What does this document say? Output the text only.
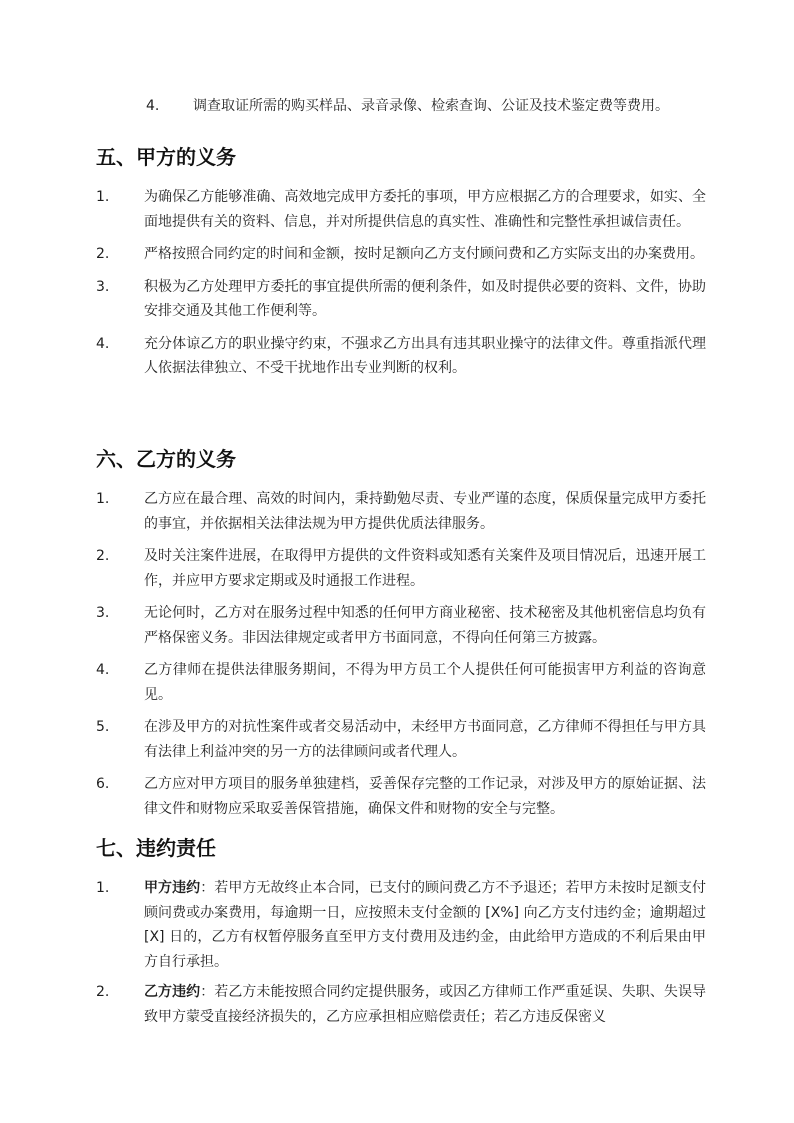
4.	调查取证所需的购买样品、录音录像、检索查询、公证及技术鉴定费等费用。
五、甲方的义务
1.	为确保乙方能够准确、高效地完成甲方委托的事项，甲方应根据乙方的合理要求，如实、全面地提供有关的资料、信息，并对所提供信息的真实性、准确性和完整性承担诚信责任。
2.	严格按照合同约定的时间和金额，按时足额向乙方支付顾问费和乙方实际支出的办案费用。
3.	积极为乙方处理甲方委托的事宜提供所需的便利条件，如及时提供必要的资料、文件，协助安排交通及其他工作便利等。
4.	充分体谅乙方的职业操守约束，不强求乙方出具有违其职业操守的法律文件。尊重指派代理人依据法律独立、不受干扰地作出专业判断的权利。
六、乙方的义务
1.	乙方应在最合理、高效的时间内，秉持勤勉尽责、专业严谨的态度，保质保量完成甲方委托的事宜，并依据相关法律法规为甲方提供优质法律服务。
2.	及时关注案件进展，在取得甲方提供的文件资料或知悉有关案件及项目情况后，迅速开展工作，并应甲方要求定期或及时通报工作进程。
3.	无论何时，乙方对在服务过程中知悉的任何甲方商业秘密、技术秘密及其他机密信息均负有严格保密义务。非因法律规定或者甲方书面同意，不得向任何第三方披露。
4.	乙方律师在提供法律服务期间，不得为甲方员工个人提供任何可能损害甲方利益的咨询意见。
5.	在涉及甲方的对抗性案件或者交易活动中，未经甲方书面同意，乙方律师不得担任与甲方具有法律上利益冲突的另一方的法律顾问或者代理人。
6.	乙方应对甲方项目的服务单独建档，妥善保存完整的工作记录，对涉及甲方的原始证据、法律文件和财物应采取妥善保管措施，确保文件和财物的安全与完整。
七、违约责任
1.	甲方违约：若甲方无故终止本合同，已支付的顾问费乙方不予退还；若甲方未按时足额支付顾问费或办案费用，每逾期一日，应按照未支付金额的 [X%] 向乙方支付违约金；逾期超过 [X] 日的，乙方有权暂停服务直至甲方支付费用及违约金，由此给甲方造成的不利后果由甲方自行承担。
2.	乙方违约：若乙方未能按照合同约定提供服务，或因乙方律师工作严重延误、失职、失误导致甲方蒙受直接经济损失的，乙方应承担相应赔偿责任；若乙方违反保密义
